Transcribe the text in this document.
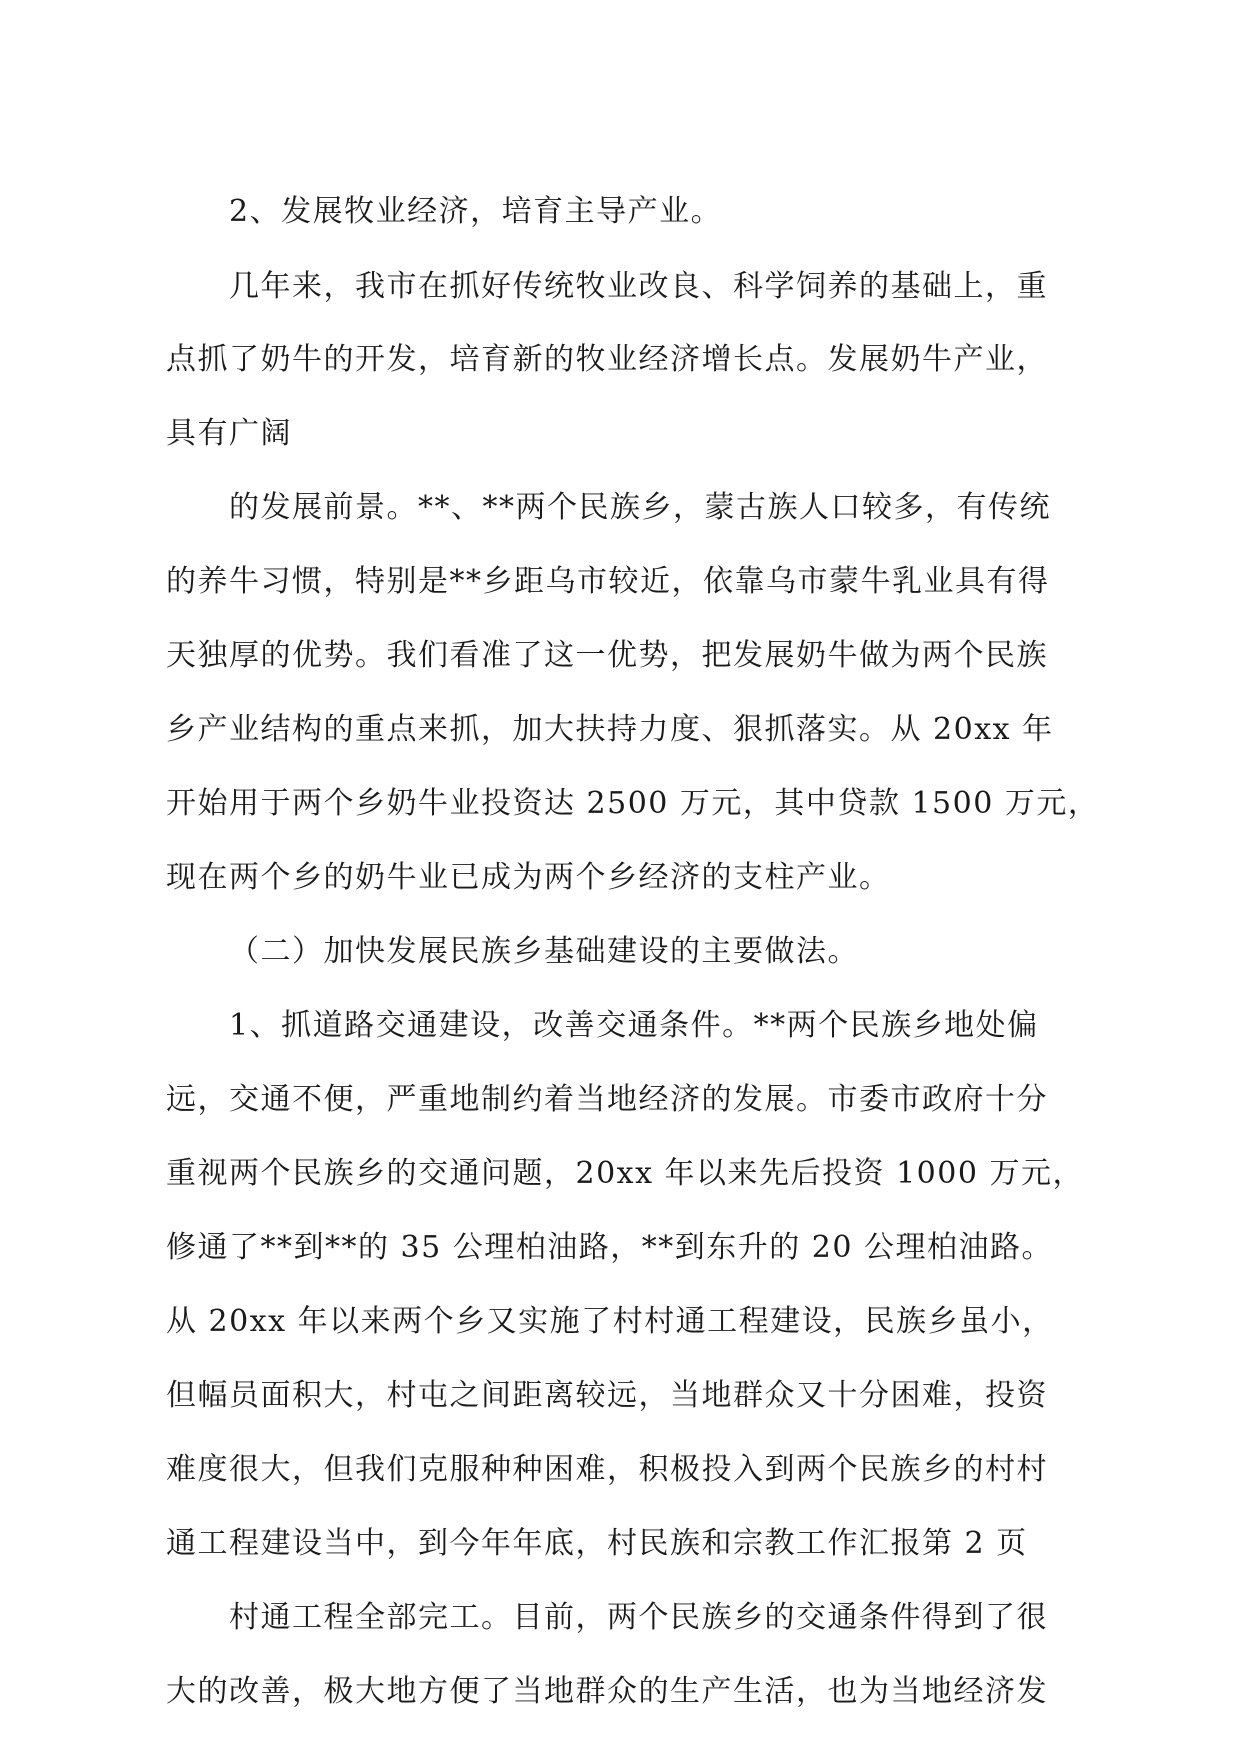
2、发展牧业经济，培育主导产业。
几年来，我市在抓好传统牧业改良、科学饲养的基础上，重
点抓了奶牛的开发，培育新的牧业经济增长点。发展奶牛产业，
具有广阔
的发展前景。**、**两个民族乡，蒙古族人口较多，有传统
的养牛习惯，特别是**乡距乌市较近，依靠乌市蒙牛乳业具有得
天独厚的优势。我们看准了这一优势，把发展奶牛做为两个民族
乡产业结构的重点来抓，加大扶持力度、狠抓落实。从 20xx 年
开始用于两个乡奶牛业投资达 2500 万元，其中贷款 1500 万元，
现在两个乡的奶牛业已成为两个乡经济的支柱产业。
（二）加快发展民族乡基础建设的主要做法。
1、抓道路交通建设，改善交通条件。**两个民族乡地处偏
远，交通不便，严重地制约着当地经济的发展。市委市政府十分
重视两个民族乡的交通问题，20xx 年以来先后投资 1000 万元，
修通了**到**的 35 公理柏油路，**到东升的 20 公理柏油路。
从 20xx 年以来两个乡又实施了村村通工程建设，民族乡虽小，
但幅员面积大，村屯之间距离较远，当地群众又十分困难，投资
难度很大，但我们克服种种困难，积极投入到两个民族乡的村村
通工程建设当中，到今年年底，村民族和宗教工作汇报第 2 页
村通工程全部完工。目前，两个民族乡的交通条件得到了很
大的改善，极大地方便了当地群众的生产生活，也为当地经济发
